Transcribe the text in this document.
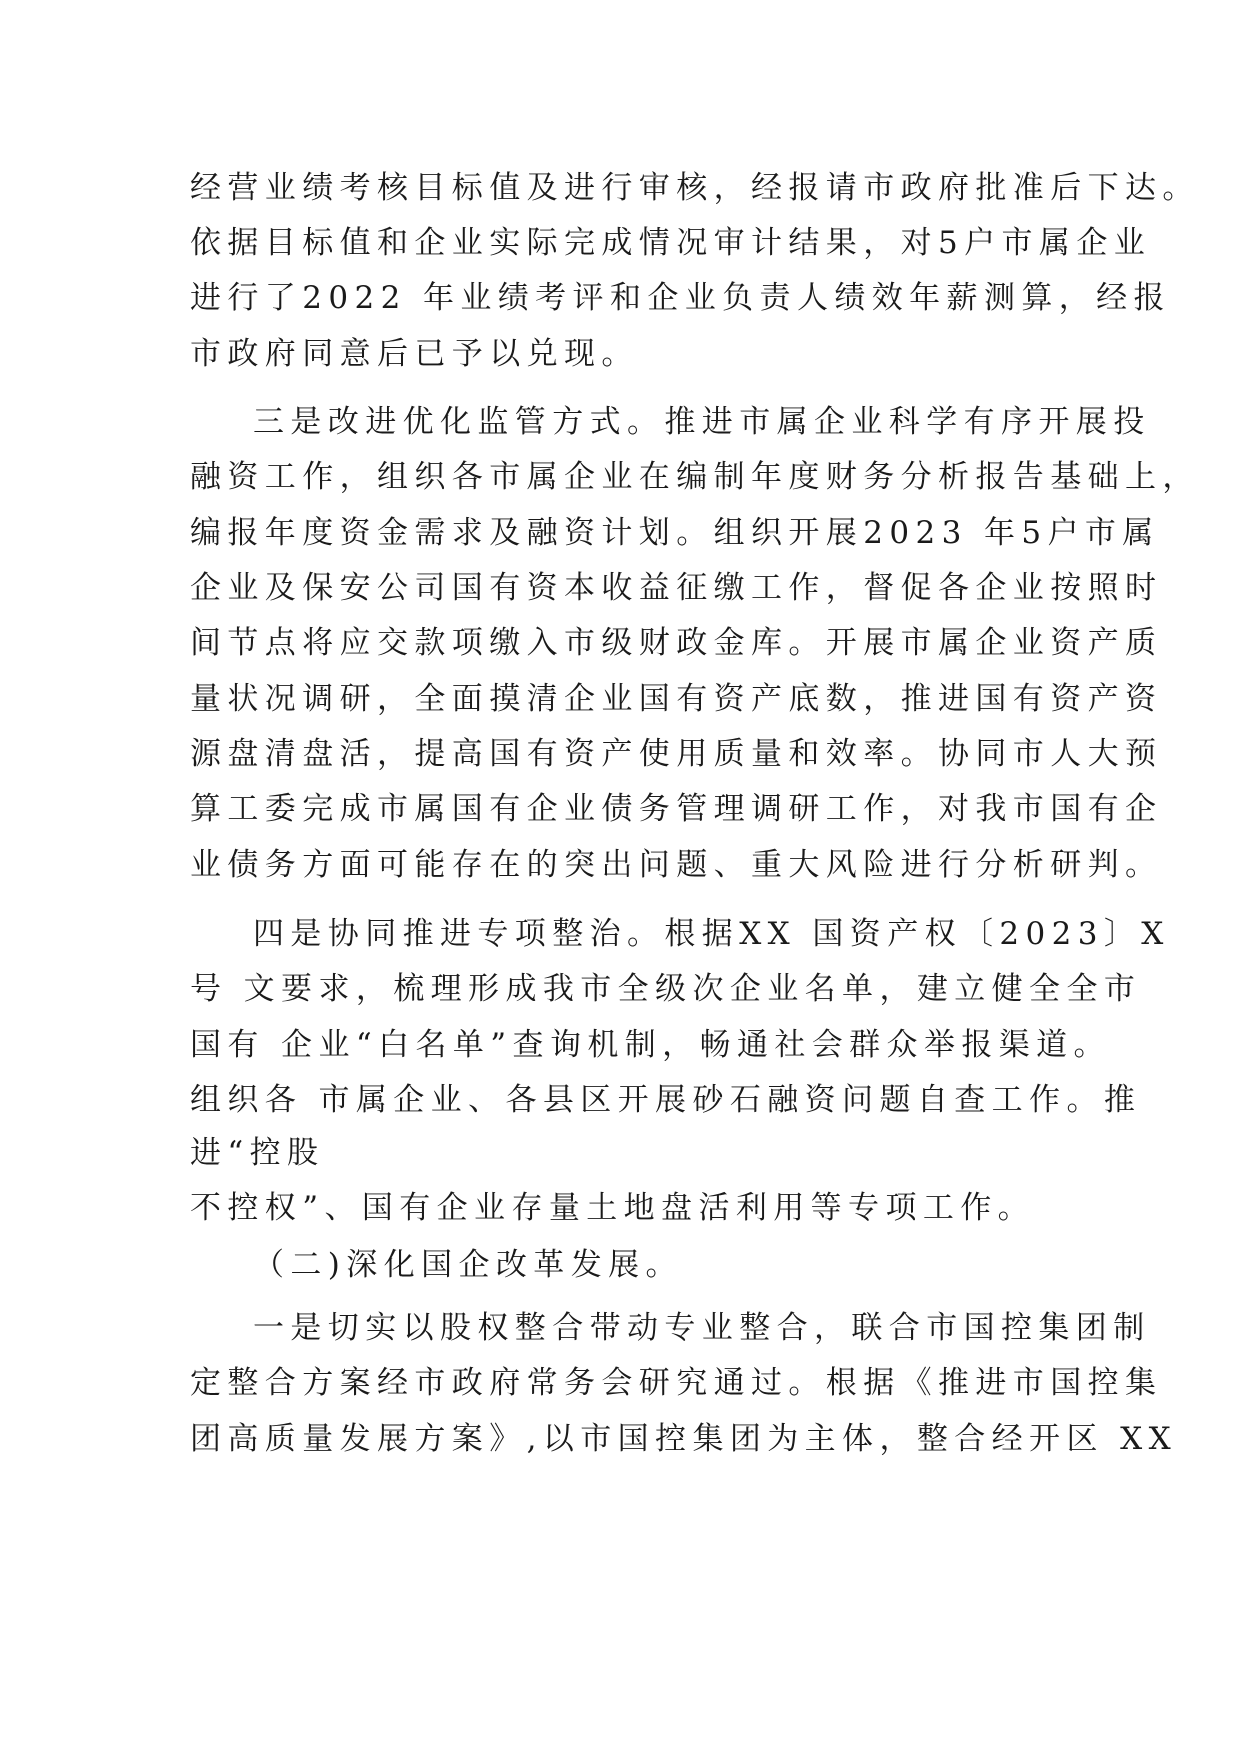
经营业绩考核目标值及进行审核，经报请市政府批准后下达。
依据目标值和企业实际完成情况审计结果，对5户市属企业
进行了2022 年业绩考评和企业负责人绩效年薪测算，经报
市政府同意后已予以兑现。
三是改进优化监管方式。推进市属企业科学有序开展投
融资工作，组织各市属企业在编制年度财务分析报告基础上，
编报年度资金需求及融资计划。组织开展2023 年5户市属
企业及保安公司国有资本收益征缴工作，督促各企业按照时
间节点将应交款项缴入市级财政金库。开展市属企业资产质
量状况调研，全面摸清企业国有资产底数，推进国有资产资
源盘清盘活，提高国有资产使用质量和效率。协同市人大预
算工委完成市属国有企业债务管理调研工作，对我市国有企
业债务方面可能存在的突出问题、重大风险进行分析研判。
四是协同推进专项整治。根据XX 国资产权〔2023〕X
号 文要求，梳理形成我市全级次企业名单，建立健全全市
国有 企业“白名单”查询机制，畅通社会群众举报渠道。
组织各 市属企业、各县区开展砂石融资问题自查工作。推
进“控股
不控权”、国有企业存量土地盘活利用等专项工作。
（二)深化国企改革发展。
一是切实以股权整合带动专业整合，联合市国控集团制
定整合方案经市政府常务会研究通过。根据《推进市国控集
团高质量发展方案》,以市国控集团为主体，整合经开区 XX
